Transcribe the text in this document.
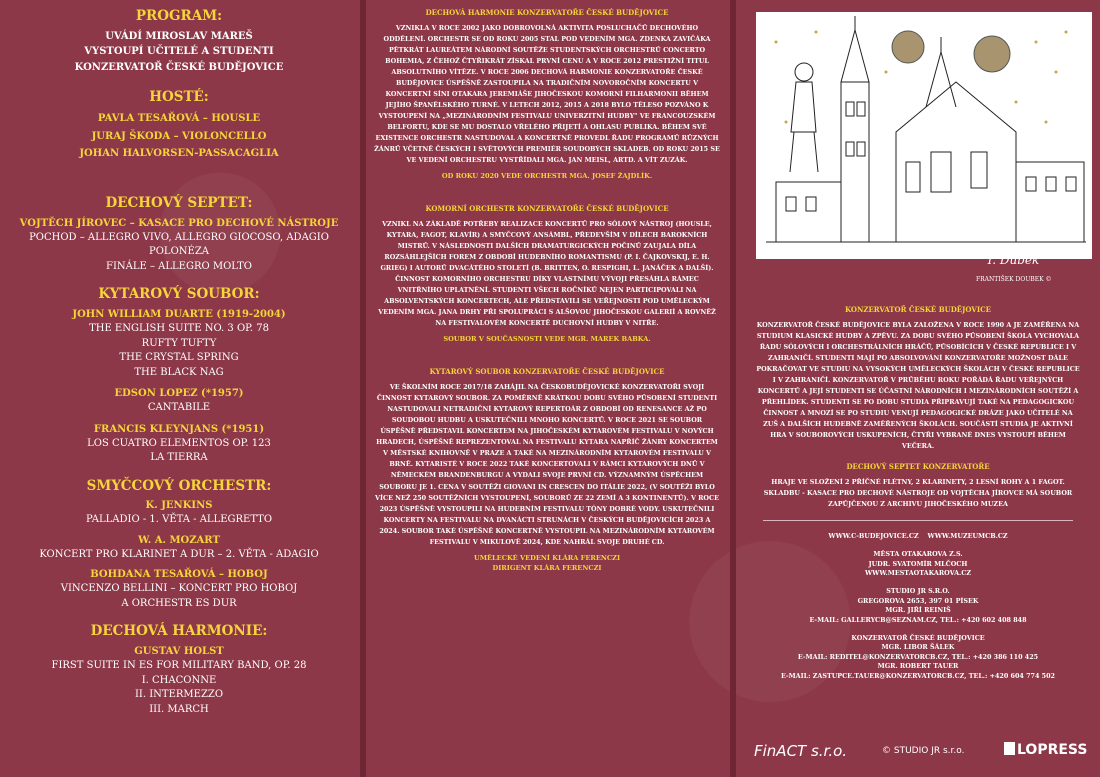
PROGRAM:
UVÁDÍ MIROSLAV MAREŠ
VYSTOUPÍ UČITELÉ A STUDENTI
KONZERVATOŘ ČESKÉ BUDĚJOVICE
HOSTÉ:
PAVLA TESAŘOVÁ – HOUSLE
JURAJ ŠKODA – VIOLONCELLO
JOHAN HALVORSEN-PASSACAGLIA
DECHOVÝ SEPTET:
VOJTĚCH JÍROVEC – KASACE PRO DECHOVÉ NÁSTROJE
POCHOD – ALLEGRO VIVO, ALLEGRO GIOCOSO, ADAGIO
POLONÉZA
FINÁLE – ALLEGRO MOLTO
KYTAROVÝ SOUBOR:
JOHN WILLIAM DUARTE (1919-2004)
THE ENGLISH SUITE NO. 3 OP. 78
RUFTY TUFTY
THE CRYSTAL SPRING
THE BLACK NAG
EDSON LOPEZ (*1957)
CANTABILE
FRANCIS KLEYNJANS (*1951)
LOS CUATRO ELEMENTOS OP. 123
LA TIERRA
SMYČCOVÝ ORCHESTR:
K. JENKINS
PALLADIO - 1. VĚTA - ALLEGRETTO
W. A. MOZART
KONCERT PRO KLARINET A DUR – 2. VĚTA - ADAGIO
BOHDANA TESAŘOVÁ – HOBOJ
VINCENZO BELLINI – KONCERT PRO HOBOJ
A ORCHESTR ES DUR
DECHOVÁ HARMONIE:
GUSTAV HOLST
FIRST SUITE IN ES FOR MILITARY BAND, OP. 28
I. CHACONNE
II. INTERMEZZO
III. MARCH
DECHOVÁ HARMONIE KONZERVATOŘE ČESKÉ BUDĚJOVICE
VZNIKLA V ROCE 2002 JAKO DOBROVOLNÁ AKTIVITA POSLUCHAČŮ DECHOVÉHO ODDĚLENÍ. ORCHESTR SE OD ROKU 2005 STAL POD VEDENÍM MGA. ZDENKA ZAVIČÁKA PĚTKRÁT LAUREÁTEM NÁRODNÍ SOUTĚŽE STUDENTSKÝCH ORCHESTRŮ CONCERTO BOHEMIA, Z ČEHOŽ ČTYŘIKRÁT ZÍSKAL PRVNÍ CENU A V ROCE 2012 PRESTIŽNÍ TITUL ABSOLUTNÍHO VÍTĚZE. V ROCE 2006 DECHOVÁ HARMONIE KONZERVATOŘE ČESKÉ BUDĚJOVICE ÚSPĚŠNĚ ZASTOUPILA NA TRADIČNÍM NOVOROČNÍM KONCERTU V KONCERTNÍ SÍNI OTAKARA JEREMIÁŠE JIHOČESKOU KOMORNÍ FILHARMONII BĚHEM JEJÍHO ŠPANĚLSKÉHO TURNÉ. V LETECH 2012, 2015 A 2018 BYLO TĚLESO POZVÁNO K VYSTOUPENÍ NA „MEZINÁRODNÍM FESTIVALU UNIVERZITNÍ HUDBY" VE FRANCOUZSKÉM BELFORTU, KDE SE MU DOSTALO VŘELÉHO PŘIJETÍ A OHLASU PUBLIKA. BĚHEM SVÉ EXISTENCE ORCHESTR NASTUDOVAL A KONCERTNĚ PROVEDL ŘADU PROGRAMŮ RŮZNÝCH ŽÁNRŮ VČETNĚ ČESKÝCH I SVĚTOVÝCH PREMIÉR SOUDOBÝCH SKLADEB. OD ROKU 2015 SE VE VEDENÍ ORCHESTRU VYSTŘÍDALI MGA. JAN MEISL, ARTD. A VÍT ZUZÁK.
OD ROKU 2020 VEDE ORCHESTR MGA. JOSEF ŽAJDLÍK.
KOMORNÍ ORCHESTR KONZERVATOŘE ČESKÉ BUDĚJOVICE
VZNIKL NA ZÁKLADĚ POTŘEBY REALIZACE KONCERTŮ PRO SÓLOVÝ NÁSTROJ (HOUSLE, KYTARA, FAGOT, KLAVÍR) A SMYČCOVÝ ANSÁMBL, PŘEDEVŠÍM V DÍLECH BAROKNÍCH MISTRŮ. V NÁSLEDNOSTI DALŠÍCH DRAMATURGICKÝCH POČINŮ ZAUJALA DÍLA ROZSÁHLEJŠÍCH FOREM Z OBDOBÍ HUDEBNÍHO ROMANTISMU (P. I. ČAJKOVSKIJ, E. H. GRIEG) I AUTORŮ DVACÁTÉHO STOLETÍ (B. BRITTEN, O. RESPIGHI, L. JANÁČEK A DALŠÍ). ČINNOST KOMORNÍHO ORCHESTRU DÍKY VLASTNÍMU VÝVOJI PŘESÁHLA RÁMEC VNITŘNÍHO UPLATNĚNÍ. STUDENTI VŠECH ROČNÍKŮ NEJEN PARTICIPOVALI NA ABSOLVENTSKÝCH KONCERTECH, ALE PŘEDSTAVILI SE VEŘEJNOSTI POD UMĚLECKÝM VEDENÍM MGA. JANA DRHY PŘI SPOLUPRÁCI S ALŠOVOU JIHOČESKOU GALERIÍ A ROVNĚŽ NA FESTIVALOVÉM KONCERTĚ DUCHOVNÍ HUDBY V NITŘE.
SOUBOR V SOUČASNOSTI VEDE MGR. MAREK BABKA.
KYTAROVÝ SOUBOR KONZERVATOŘE ČESKÉ BUDĚJOVICE
VE ŠKOLNÍM ROCE 2017/18 ZAHÁJIL NA ČESKOBUDĚJOVICKÉ KONZERVATOŘI SVOJI ČINNOST KYTAROVÝ SOUBOR. ZA POMĚRNĚ KRÁTKOU DOBU SVÉHO PŮSOBENÍ STUDENTI NASTUDOVALI NETRADIČNÍ KYTAROVÝ REPERTOÁR Z OBDOBÍ OD RENESANCE AŽ PO SOUDOBOU HUDBU A USKUTEČNILI MNOHO KONCERTŮ. V ROCE 2021 SE SOUBOR ÚSPĚŠNĚ PŘEDSTAVIL KONCERTEM NA JIHOČESKÉM KYTAROVÉM FESTIVALU V NOVÝCH HRADECH, ÚSPĚŠNĚ REPREZENTOVAL NA FESTIVALU KYTARA NAPŘÍČ ŽÁNRY KONCERTEM V MĚSTSKÉ KNIHOVNĚ V PRAZE A TAKÉ NA MEZINÁRODNÍM KYTAROVÉM FESTIVALU V BRNĚ. KYTARISTÉ V ROCE 2022 TAKÉ KONCERTOVALI V RÁMCI KYTAROVÝCH DNŮ V NĚMECKÉM BRANDENBURGU A VYDALI SVOJE PRVNÍ CD. VÝZNAMNÝM ÚSPĚCHEM SOUBORU JE 1. CENA V SOUTĚŽI GIOVANI IN CRESCEN DO ITÁLIE 2022, (V SOUTĚŽI BYLO VÍCE NEŽ 250 SOUTĚŽNÍCH VYSTOUPENÍ, SOUBORŮ ZE 22 ZEMÍ A 3 KONTINENTŮ). V ROCE 2023 ÚSPĚŠNĚ VYSTOUPILI NA HUDEBNÍM FESTIVALU TÓNY DOBRÉ VODY. USKUTEČNILI KONCERTY NA FESTIVALU NA DVANÁCTI STRUNÁCH V ČESKÝCH BUDĚJOVICÍCH 2023 A 2024. SOUBOR TAKÉ ÚSPĚŠNĚ KONCERTNĚ VYSTOUPIL NA MEZINÁRODNÍM KYTAROVÉM FESTIVALU V MIKULOVĚ 2024, KDE NAHRÁL SVOJE DRUHÉ CD.
UMĚLECKÉ VEDENÍ KLÁRA FERENCZI
DIRIGENT KLÁRA FERENCZI
T. Dubek
FRANTIŠEK DOUBEK ©
KONZERVATOŘ ČESKÉ BUDĚJOVICE
KONZERVATOŘ ČESKÉ BUDĚJOVICE BYLA ZALOŽENA V ROCE 1990 A JE ZAMĚŘENA NA STUDIUM KLASICKÉ HUDBY A ZPĚVU. ZA DOBU SVÉHO PŮSOBENÍ ŠKOLA VYCHOVALA ŘADU SÓLOVÝCH I ORCHESTRÁLNÍCH HRÁČŮ, PŮSOBÍCÍCH V ČESKÉ REPUBLICE I V ZAHRANIČÍ. STUDENTI MAJÍ PO ABSOLVOVÁNÍ KONZERVATOŘE MOŽNOST DÁLE POKRAČOVAT VE STUDIU NA VYSOKÝCH UMĚLECKÝCH ŠKOLÁCH V ČESKÉ REPUBLICE I V ZAHRANIČÍ. KONZERVATOŘ V PRŮBĚHU ROKU POŘÁDÁ ŘADU VEŘEJNÝCH KONCERTŮ A JEJÍ STUDENTI SE ÚČASTNÍ NÁRODNÍCH I MEZINÁRODNÍCH SOUTĚŽÍ A PŘEHLÍDEK. STUDENTI SE PO DOBU STUDIA PŘIPRAVUJÍ TAKÉ NA PEDAGOGICKOU ČINNOST A MNOZÍ SE PO STUDIU VENUJÍ PEDAGOGICKÉ DRÁZE JAKO UČITELÉ NA ZUŠ A DALŠÍCH HUDEBNĚ ZAMĚŘENÝCH ŠKOLÁCH. SOUČÁSTÍ STUDIA JE AKTIVNÍ HRA V SOUBOROVÝCH USKUPENÍCH, ČTYŘI VYBRANÉ DNES VYSTOUPÍ BĚHEM VEČERA.
DECHOVÝ SEPTET KONZERVATOŘE
HRAJE VE SLOŽENÍ 2 PŘÍČNÉ FLÉTNY, 2 KLARINETY, 2 LESNÍ ROHY A 1 FAGOT. SKLADBU - KASACE PRO DECHOVÉ NÁSTROJE OD VOJTĚCHA JÍROVCE MÁ SOUBOR ZAPŮJČENOU Z ARCHIVU JIHOČESKÉHO MUZEA
WWW.C-BUDEJOVICE.CZ    WWW.MUZEUMCB.CZ
MĚSTA OTAKAROVA Z.S.
JUDR. SVATOMÍR MLČOCH
WWW.MESTAOTAKAROVA.CZ
STUDIO JR S.R.O.
GREGOROVA 2653, 397 01 PÍSEK
MGR. JIŘÍ REINIŠ
E-MAIL: GALLERYCB@SEZNAM.CZ, TEL.: +420 602 408 848
KONZERVATOŘ ČESKÉ BUDĚJOVICE
MGR. LIBOR ŠÁLEK
E-MAIL: REDITEL@KONZERVATORCB.CZ, TEL.: +420 386 110 425
MGR. ROBERT TAUER
E-MAIL: ZASTUPCE.TAUER@KONZERVATORCB.CZ, TEL.: +420 604 774 502
FinACT s.r.o.	© STUDIO JR s.r.o.	LOPRESS
